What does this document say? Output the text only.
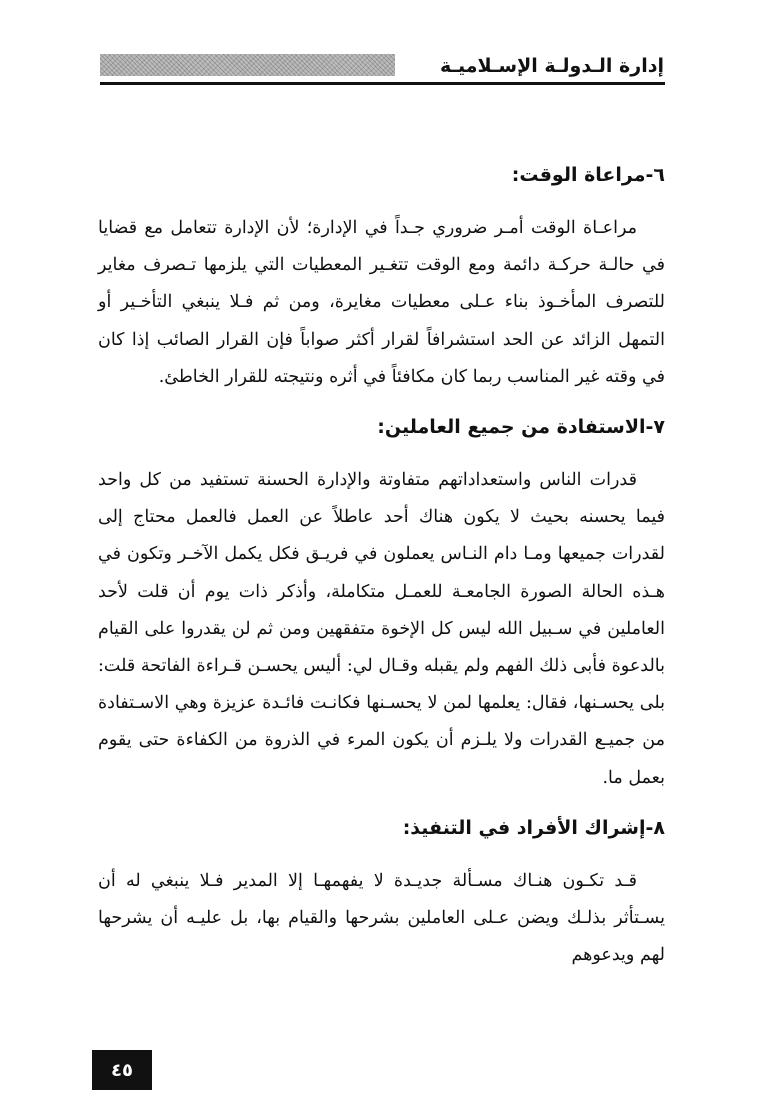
إدارة الـدولـة الإسـلاميـة
٦-مراعاة الوقت:

مراعـاة الوقت أمـر ضروري جـداً في الإدارة؛ لأن الإدارة تتعامل مع قضايا في حالـة حركـة دائمة ومع الوقت تتغـير المعطيات التي يلزمها تـصرف مغاير للتصرف المأخـوذ بناء عـلى معطيات مغايرة، ومن ثم فـلا ينبغي التأخـير أو التمهل الزائد عن الحد استشرافاً لقرار أكثر صواباً فإن القرار الصائب إذا كان في وقته غير المناسب ربما كان مكافئاً في أثره ونتيجته للقرار الخاطئ.

٧-الاستفادة من جميع العاملين:

قدرات الناس واستعداداتهم متفاوتة والإدارة الحسنة تستفيد من كل واحد فيما يحسنه بحيث لا يكون هناك أحد عاطلاً عن العمل فالعمل محتاج إلى لقدرات جميعها ومـا دام النـاس يعملون في فريـق فكل يكمل الآخـر وتكون في هـذه الحالة الصورة الجامعـة للعمـل متكاملة، وأذكر ذات يوم أن قلت لأحد العاملين في سـبيل الله ليس كل الإخوة متفقهين ومن ثم لن يقدروا على القيام بالدعوة فأبى ذلك الفهم ولم يقبله وقـال لي: أليس يحسـن قـراءة الفاتحة قلت: بلى يحسـنها، فقال: يعلمها لمن لا يحسـنها فكانـت فائـدة عزيزة وهي الاسـتفادة من جميـع القدرات ولا يلـزم أن يكون المرء في الذروة من الكفاءة حتى يقوم بعمل ما.

٨-إشراك الأفراد في التنفيذ:

قـد تكـون هنـاك مسـألة جديـدة لا يفهمهـا إلا المدير فـلا ينبغي له أن يسـتأثر بذلـك ويضن عـلى العاملين بشرحها والقيام بها، بل عليـه أن يشرحها لهم ويدعوهم

٤٥
